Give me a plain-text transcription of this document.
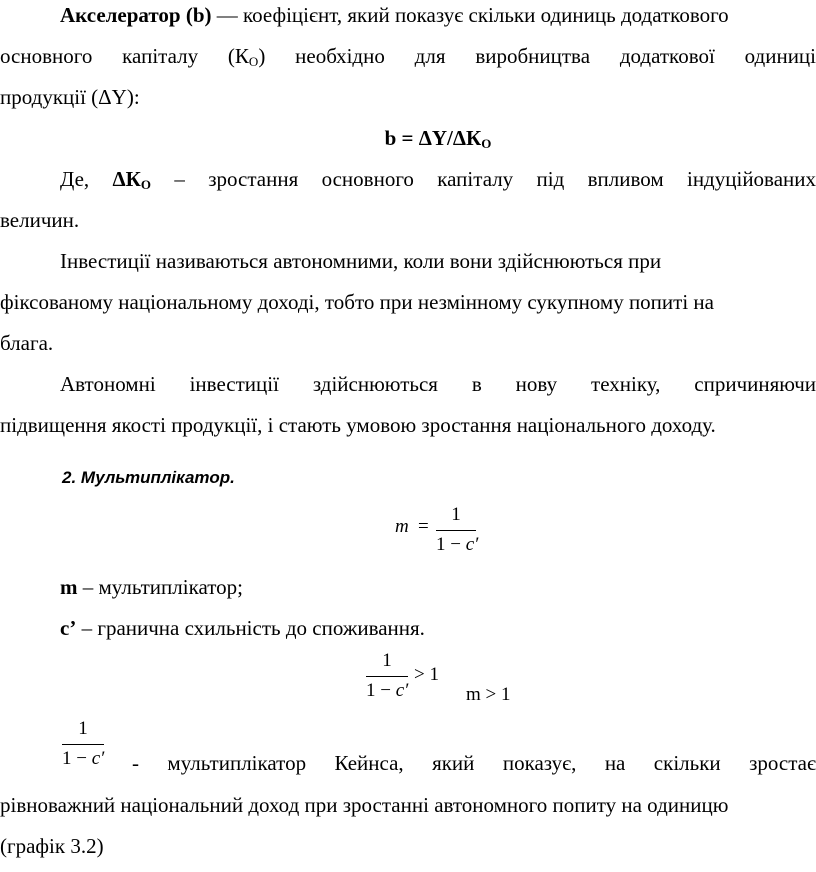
Акселератор (b) — коефіцієнт, який показує скільки одиниць додаткового
основного капіталу $(К_О)$ необхідно для виробництва додаткової одиниці
продукції (ΔY):
$b = \Delta Y/\Delta К_О$
Де, $\Delta К_О$ – зростання основного капіталу під впливом індуційованих
величин.
Інвестиції називаються автономними, коли вони здійснюються при
фіксованому національному доході, тобто при незмінному сукупному попиті на
блага.
Автономні інвестиції здійснюються в нову техніку, спричиняючи
підвищення якості продукції, і стають умовою зростання національного доходу.
2. Мультиплікатор.
m =
1
1 − c′
m – мультиплікатор;
c’ – гранична схильність до споживання.
1
1 − c′
> 1
m > 1
1
1 − c′ - мультиплікатор Кейнса, який показує, на скільки зростає
рівноважний національний доход при зростанні автономного попиту на одиницю
(графік 3.2)
